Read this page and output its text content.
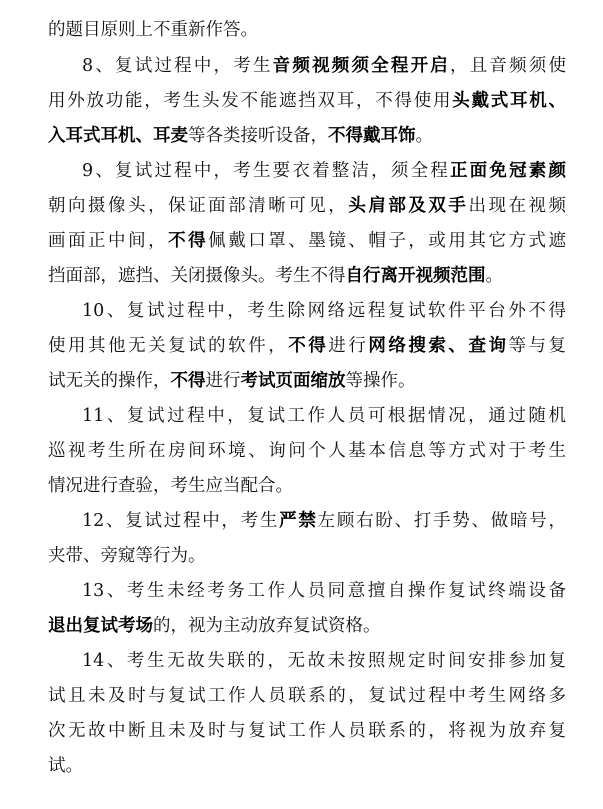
的题目原则上不重新作答。
8、复试过程中，考生音频视频须全程开启，且音频须使
用外放功能，考生头发不能遮挡双耳，不得使用头戴式耳机、
入耳式耳机、耳麦等各类接听设备，不得戴耳饰。
9、复试过程中，考生要衣着整洁，须全程正面免冠素颜
朝向摄像头，保证面部清晰可见，头肩部及双手出现在视频
画面正中间，不得佩戴口罩、墨镜、帽子，或用其它方式遮
挡面部，遮挡、关闭摄像头。考生不得自行离开视频范围。
10、复试过程中，考生除网络远程复试软件平台外不得
使用其他无关复试的软件，不得进行网络搜索、查询等与复
试无关的操作，不得进行考试页面缩放等操作。
11、复试过程中，复试工作人员可根据情况，通过随机
巡视考生所在房间环境、询问个人基本信息等方式对于考生
情况进行查验，考生应当配合。
12、复试过程中，考生严禁左顾右盼、打手势、做暗号，
夹带、旁窥等行为。
13、考生未经考务工作人员同意擅自操作复试终端设备
退出复试考场的，视为主动放弃复试资格。
14、考生无故失联的，无故未按照规定时间安排参加复
试且未及时与复试工作人员联系的，复试过程中考生网络多
次无故中断且未及时与复试工作人员联系的，将视为放弃复
试。
